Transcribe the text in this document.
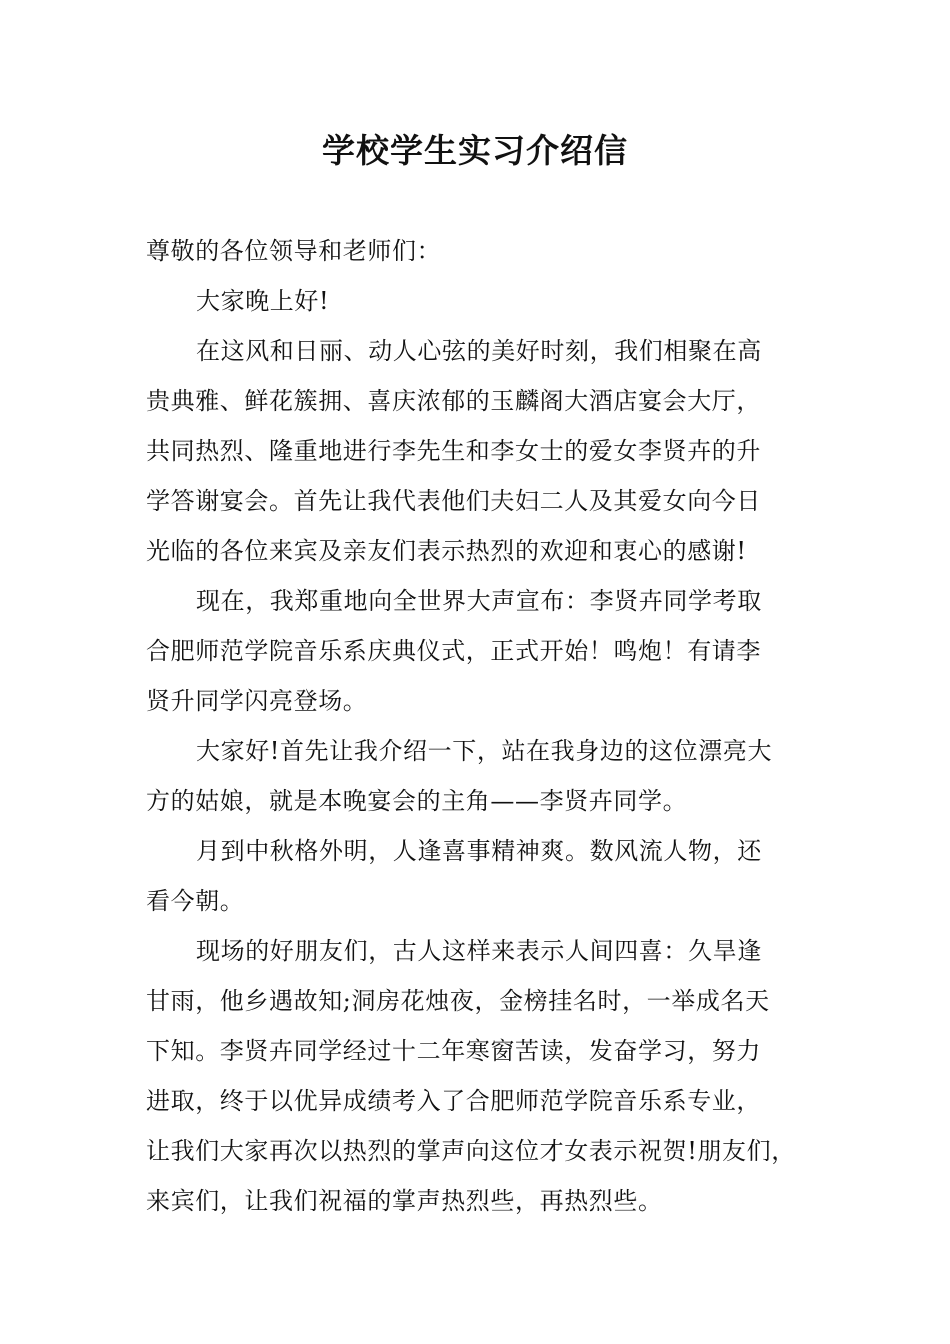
学校学生实习介绍信
尊敬的各位领导和老师们：
大家晚上好!
在这风和日丽、动人心弦的美好时刻，我们相聚在高
贵典雅、鲜花簇拥、喜庆浓郁的玉麟阁大酒店宴会大厅，
共同热烈、隆重地进行李先生和李女士的爱女李贤卉的升
学答谢宴会。首先让我代表他们夫妇二人及其爱女向今日
光临的各位来宾及亲友们表示热烈的欢迎和衷心的感谢!
现在，我郑重地向全世界大声宣布：李贤卉同学考取
合肥师范学院音乐系庆典仪式，正式开始！鸣炮！有请李
贤升同学闪亮登场。
大家好!首先让我介绍一下，站在我身边的这位漂亮大
方的姑娘，就是本晚宴会的主角——李贤卉同学。
月到中秋格外明，人逢喜事精神爽。数风流人物，还
看今朝。
现场的好朋友们，古人这样来表示人间四喜：久旱逢
甘雨，他乡遇故知;洞房花烛夜，金榜挂名时，一举成名天
下知。李贤卉同学经过十二年寒窗苦读，发奋学习，努力
进取，终于以优异成绩考入了合肥师范学院音乐系专业，
让我们大家再次以热烈的掌声向这位才女表示祝贺!朋友们，
来宾们，让我们祝福的掌声热烈些，再热烈些。
